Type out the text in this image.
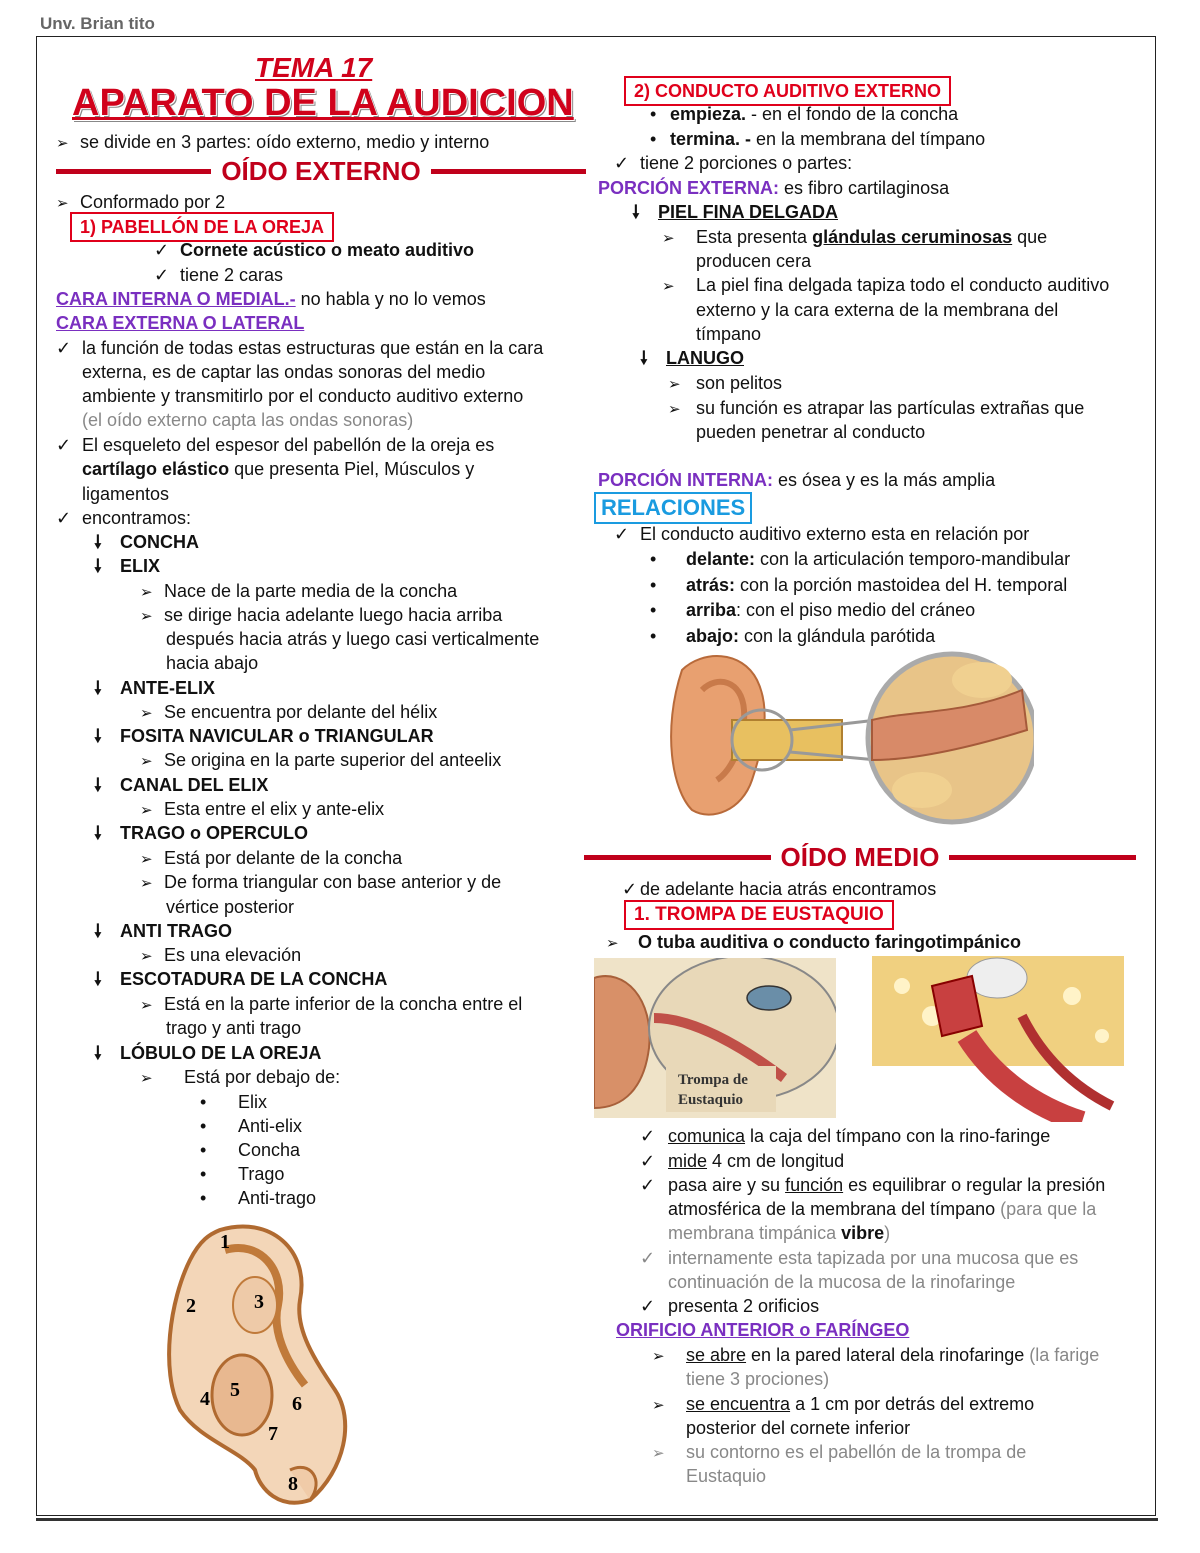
Unv. Brian tito
TEMA 17
APARATO DE LA AUDICION
➢ se divide en 3 partes: oído externo, medio y interno
OÍDO EXTERNO
➢ Conformado por 2
1) PABELLÓN DE LA OREJA
✓ Cornete acústico o meato auditivo
✓ tiene 2 caras
CARA INTERNA O MEDIAL.- no habla y no lo vemos
CARA EXTERNA O LATERAL
✓ la función de todas estas estructuras que están en la cara
externa, es de captar las ondas sonoras del medio
ambiente y transmitirlo por el conducto auditivo externo
(el oído externo capta las ondas sonoras)
✓ El esqueleto del espesor del pabellón de la oreja es
cartílago elástico que presenta Piel, Músculos y
ligamentos
✓ encontramos:
🠗 CONCHA
🠗 ELIX
➢ Nace de la parte media de la concha
➢ se dirige hacia adelante luego hacia arriba
después hacia atrás y luego casi verticalmente
hacia abajo
🠗 ANTE-ELIX
➢ Se encuentra por delante del hélix
🠗 FOSITA NAVICULAR o TRIANGULAR
➢ Se origina en la parte superior del anteelix
🠗 CANAL DEL ELIX
➢ Esta entre el elix y ante-elix
🠗 TRAGO o OPERCULO
➢ Está por delante de la concha
➢ De forma triangular con base anterior y de
vértice posterior
🠗 ANTI TRAGO
➢ Es una elevación
🠗 ESCOTADURA DE LA CONCHA
➢ Está en la parte inferior de la concha entre el
trago y anti trago
🠗 LÓBULO DE LA OREJA
➢ Está por debajo de:
• Elix
• Anti-elix
• Concha
• Trago
• Anti-trago
1
2	3
4 5
6
7
8
2) CONDUCTO AUDITIVO EXTERNO
• empieza. - en el fondo de la concha
• termina. - en la membrana del tímpano
✓ tiene 2 porciones o partes:
PORCIÓN EXTERNA: es fibro cartilaginosa
🠗 PIEL FINA DELGADA
➢ Esta presenta glándulas ceruminosas que
producen cera
➢ La piel fina delgada tapiza todo el conducto auditivo
externo y la cara externa de la membrana del
tímpano
🠗 LANUGO
➢ son pelitos
➢ su función es atrapar las partículas extrañas que
pueden penetrar al conducto
PORCIÓN INTERNA: es ósea y es la más amplia
RELACIONES
✓ El conducto auditivo externo esta en relación por
• delante: con la articulación temporo-mandibular
• atrás: con la porción mastoidea del H. temporal
• arriba: con el piso medio del cráneo
• abajo: con la glándula parótida
OÍDO MEDIO
✓ de adelante hacia atrás encontramos
1. TROMPA DE EUSTAQUIO
➢ O tuba auditiva o conducto faringotimpánico
Trompa de
Eustaquio
✓ comunica la caja del tímpano con la rino-faringe
✓ mide 4 cm de longitud
✓ pasa aire y su función es equilibrar o regular la presión
atmosférica de la membrana del tímpano (para que la
membrana timpánica vibre)
✓ internamente esta tapizada por una mucosa que es
continuación de la mucosa de la rinofaringe
✓ presenta 2 orificios
ORIFICIO ANTERIOR o FARÍNGEO
➢ se abre en la pared lateral dela rinofaringe (la farige
tiene 3 prociones)
➢ se encuentra a 1 cm por detrás del extremo
posterior del cornete inferior
➢ su contorno es el pabellón de la trompa de
Eustaquio
